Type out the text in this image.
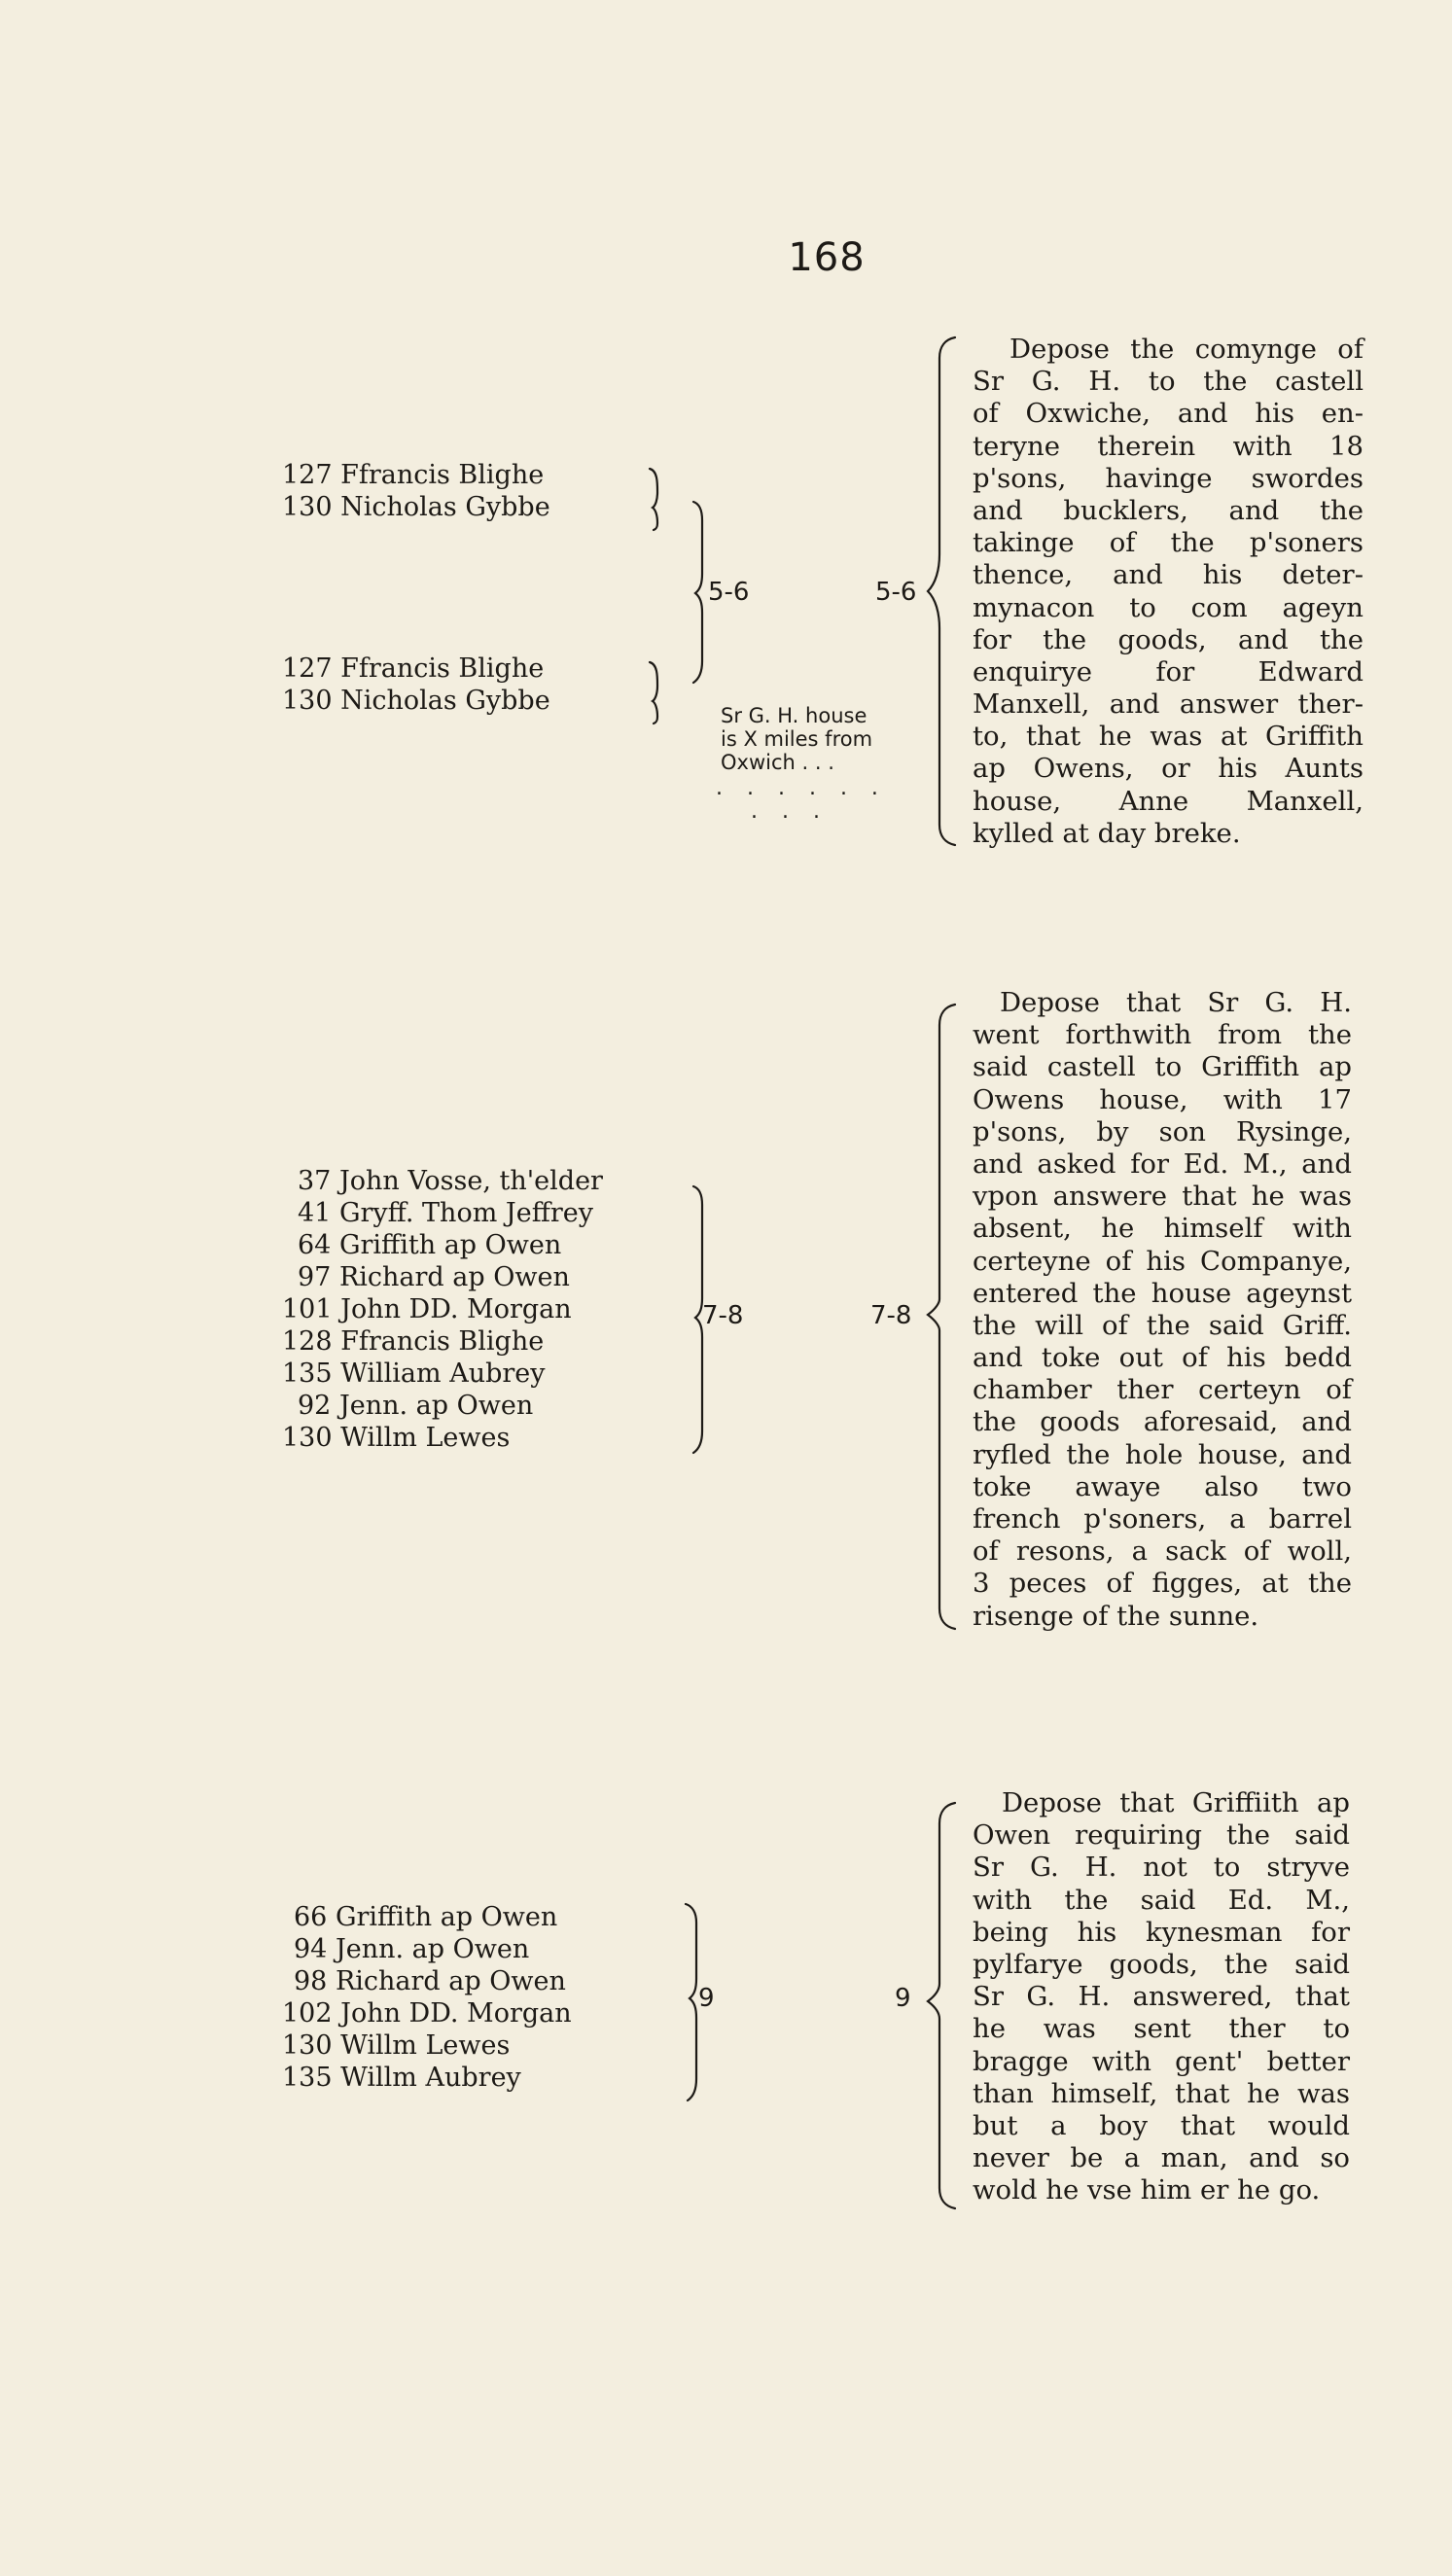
168
127 Ffrancis Blighe
130 Nicholas Gybbe
127 Ffrancis Blighe
130 Nicholas Gybbe
5-6
Sr G. H. house
is X miles from
Oxwich . . .
. . . . . .
. . .
5-6
Depose the comynge of
Sr G. H. to the castell
of Oxwiche, and his en-
teryne therein with 18
p'sons, havinge swordes
and bucklers, and the
takinge of the p'soners
thence, and his deter-
mynacon to com ageyn
for the goods, and the
enquirye for Edward
Manxell, and answer ther-
to, that he was at Griffith
ap Owens, or his Aunts
house, Anne Manxell,
kylled at day breke.
37 John Vosse, th'elder
41 Gryff. Thom Jeffrey
64 Griffith ap Owen
97 Richard ap Owen
101 John DD. Morgan
128 Ffrancis Blighe
135 William Aubrey
92 Jenn. ap Owen
130 Willm Lewes
7-8	7-8
Depose that Sr G. H.
went forthwith from the
said castell to Griffith ap
Owens house, with 17
p'sons, by son Rysinge,
and asked for Ed. M., and
vpon answere that he was
absent, he himself with
certeyne of his Companye,
entered the house ageynst
the will of the said Griff.
and toke out of his bedd
chamber ther certeyn of
the goods aforesaid, and
ryfled the hole house, and
toke awaye also two
french p'soners, a barrel
of resons, a sack of woll,
3 peces of figges, at the
risenge of the sunne.
66 Griffith ap Owen
94 Jenn. ap Owen
98 Richard ap Owen
102 John DD. Morgan
130 Willm Lewes
135 Willm Aubrey
9	9
Depose that Griffiith ap
Owen requiring the said
Sr G. H. not to stryve
with the said Ed. M.,
being his kynesman for
pylfarye goods, the said
Sr G. H. answered, that
he was sent ther to
bragge with gent' better
than himself, that he was
but a boy that would
never be a man, and so
wold he vse him er he go.
